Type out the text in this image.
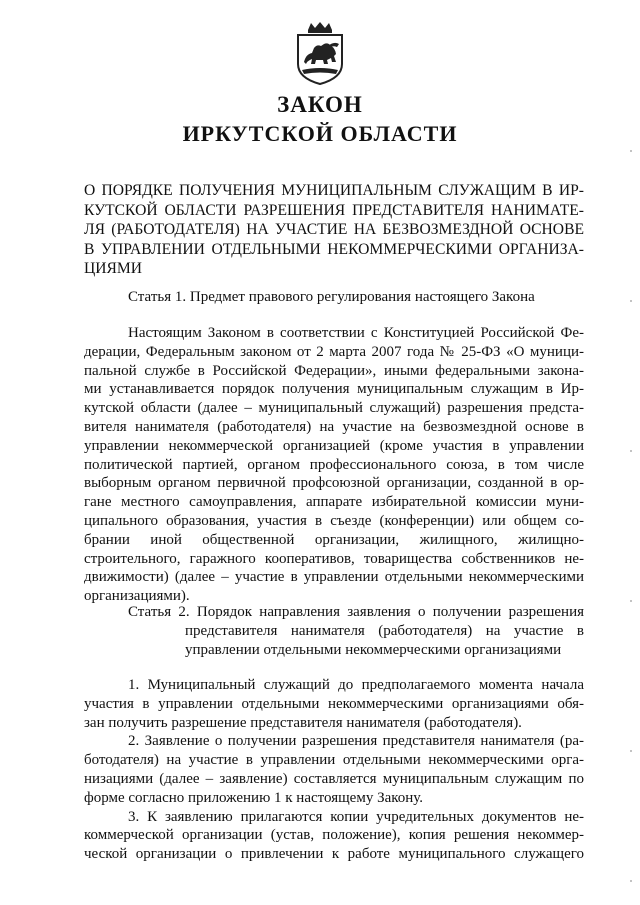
ЗАКОН
ИРКУТСКОЙ ОБЛАСТИ
О ПОРЯДКЕ ПОЛУЧЕНИЯ МУНИЦИПАЛЬНЫМ СЛУЖАЩИМ В ИР-
КУТСКОЙ ОБЛАСТИ РАЗРЕШЕНИЯ ПРЕДСТАВИТЕЛЯ НАНИМАТЕ-
ЛЯ (РАБОТОДАТЕЛЯ) НА УЧАСТИЕ НА БЕЗВОЗМЕЗДНОЙ ОСНОВЕ
В УПРАВЛЕНИИ ОТДЕЛЬНЫМИ НЕКОММЕРЧЕСКИМИ ОРГАНИЗА-
ЦИЯМИ
Статья 1. Предмет правового регулирования настоящего Закона
Настоящим Законом в соответствии с Конституцией Российской Фе-
дерации, Федеральным законом от 2 марта 2007 года № 25-ФЗ «О муници-
пальной службе в Российской Федерации», иными федеральными закона-
ми устанавливается порядок получения муниципальным служащим в Ир-
кутской области (далее – муниципальный служащий) разрешения предста-
вителя нанимателя (работодателя) на участие на безвозмездной основе в
управлении некоммерческой организацией (кроме участия в управлении
политической партией, органом профессионального союза, в том числе
выборным органом первичной профсоюзной организации, созданной в ор-
гане местного самоуправления, аппарате избирательной комиссии муни-
ципального образования, участия в съезде (конференции) или общем со-
брании иной общественной организации, жилищного, жилищно-
строительного, гаражного кооперативов, товарищества собственников не-
движимости) (далее – участие в управлении отдельными некоммерческими
организациями).
Статья 2. Порядок направления заявления о получении разрешения
представителя нанимателя (работодателя) на участие в
управлении отдельными некоммерческими организациями
1. Муниципальный служащий до предполагаемого момента начала
участия в управлении отдельными некоммерческими организациями обя-
зан получить разрешение представителя нанимателя (работодателя).
2. Заявление о получении разрешения представителя нанимателя (ра-
ботодателя) на участие в управлении отдельными некоммерческими орга-
низациями (далее – заявление) составляется муниципальным служащим по
форме согласно приложению 1 к настоящему Закону.
3. К заявлению прилагаются копии учредительных документов не-
коммерческой организации (устав, положение), копия решения некоммер-
ческой организации о привлечении к работе муниципального служащего
